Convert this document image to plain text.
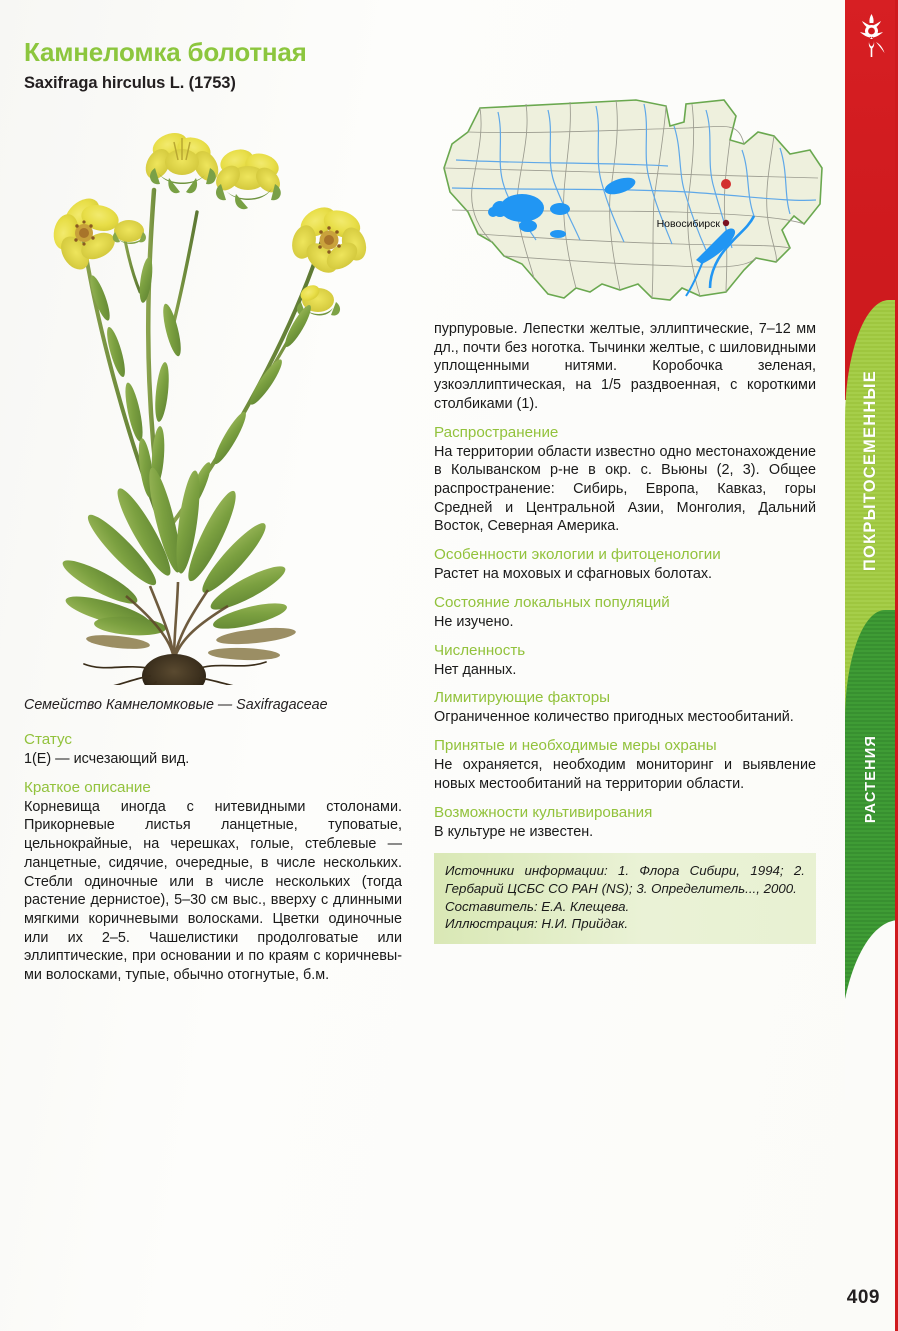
Камнеломка болотная
Saxifraga hirculus L. (1753)
Новосибирск
Семейство Камнеломковые — Saxifragaceae
Статус
1(Е) — исчезающий вид.
Краткое описание
Корневища иногда с нитевидными столонами. Прикорневые листья ланцетные, туповатые, цельнокрайные, на черешках, голые, стеблевые — ланцетные, сидячие, очередные, в числе нескольких. Стебли одиночные или в числе нескольких (тогда растение дернистое), 5–30 см выс., вверху с длинными мягкими коричневыми волосками. Цветки одиночные или их 2–5. Чашелистики продолговатые или эллиптические, при основании и по краям с коричневыми волосками, тупые, обычно отогнутые, б.м.
пурпуровые. Лепестки желтые, эллиптические, 7–12 мм дл., почти без ноготка. Тычинки желтые, с шиловидными уплощенными нитями. Коробочка зеленая, узкоэллиптическая, на 1/5 раздвоенная, с короткими столбиками (1).
Распространение
На территории области известно одно местонахождение в Колыванском р-не в окр. с. Вьюны (2, 3). Общее распространение: Сибирь, Европа, Кавказ, горы Средней и Центральной Азии, Монголия, Дальний Восток, Северная Америка.
Особенности экологии и фитоценологии
Растет на моховых и сфагновых болотах.
Состояние локальных популяций
Не изучено.
Численность
Нет данных.
Лимитирующие факторы
Ограниченное количество пригодных местообитаний.
Принятые и необходимые меры охраны
Не охраняется, необходим мониторинг и выявление новых местообитаний на территории области.
Возможности культивирования
В культуре не известен.
Источники информации: 1. Флора Сибири, 1994; 2. Гербарий ЦСБС СО РАН (NS); 3. Определитель..., 2000.
Составитель: Е.А. Клещева.
Иллюстрация: Н.И. Прийдак.
ПОКРЫТОСЕМЕННЫЕ
РАСТЕНИЯ
409
